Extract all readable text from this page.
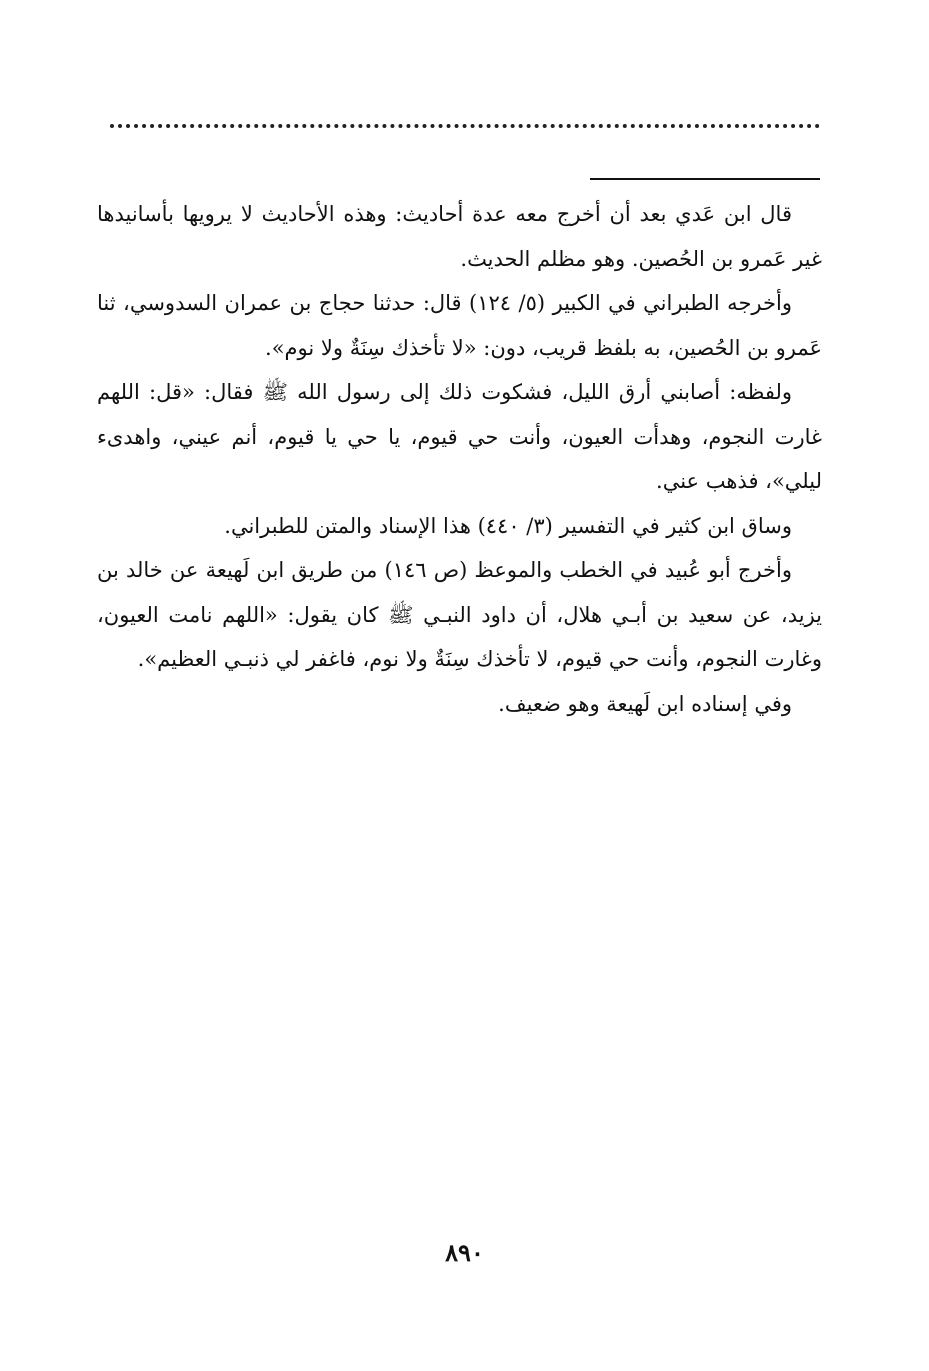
قال ابن عَدي بعد أن أخرج معه عدة أحاديث: وهذه الأحاديث لا يرويها بأسانيدها غير عَمرو بن الحُصين. وهو مظلم الحديث.

وأخرجه الطبراني في الكبير (٥/ ١٢٤) قال: حدثنا حجاج بن عمران السدوسي، ثنا عَمرو بن الحُصين، به بلفظ قريب، دون: «لا تأخذك سِنَةٌ ولا نوم».

ولفظه: أصابني أرق الليل، فشكوت ذلك إلى رسول الله ﷺ فقال: «قل: اللهم غارت النجوم، وهدأت العيون، وأنت حي قيوم، يا حي يا قيوم، أنم عيني، واهدىء ليلي»، فذهب عني.

وساق ابن كثير في التفسير (٣/ ٤٤٠) هذا الإسناد والمتن للطبراني.

وأخرج أبو عُبيد في الخطب والموعظ (ص ١٤٦) من طريق ابن لَهيعة عن خالد بن يزيد، عن سعيد بن أبـي هلال، أن داود النبـي ﷺ كان يقول: «اللهم نامت العيون، وغارت النجوم، وأنت حي قيوم، لا تأخذك سِنَةٌ ولا نوم، فاغفر لي ذنبـي العظيم».

وفي إسناده ابن لَهيعة وهو ضعيف.

٨٩٠
